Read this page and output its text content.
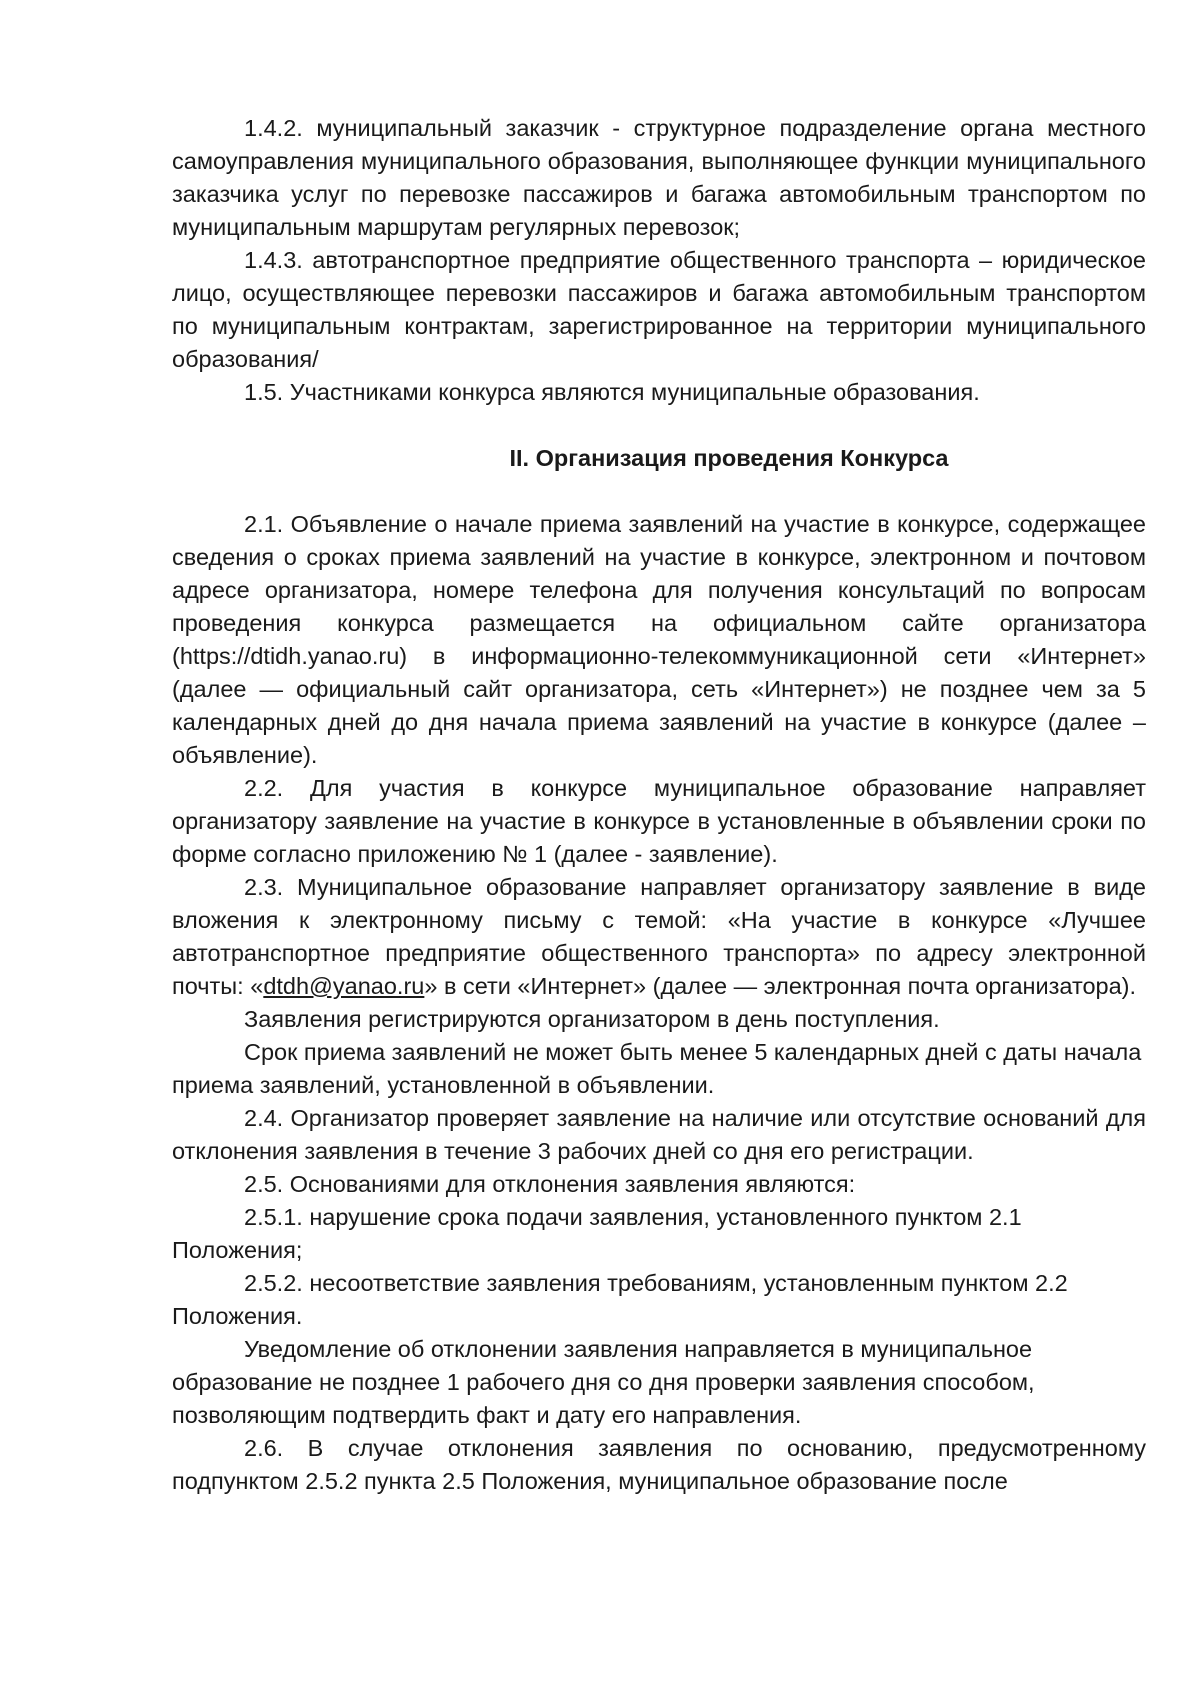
1.4.2. муниципальный заказчик - структурное подразделение органа местного самоуправления муниципального образования, выполняющее функции муниципального заказчика услуг по перевозке пассажиров и багажа автомобильным транспортом по муниципальным маршрутам регулярных перевозок;

1.4.3. автотранспортное предприятие общественного транспорта – юридическое лицо, осуществляющее перевозки пассажиров и багажа автомобильным транспортом по муниципальным контрактам, зарегистрированное на территории муниципального образования/

1.5. Участниками конкурса являются муниципальные образования.

II. Организация проведения Конкурса

2.1. Объявление о начале приема заявлений на участие в конкурсе, содержащее сведения о сроках приема заявлений на участие в конкурсе, электронном и почтовом адресе организатора, номере телефона для получения консультаций по вопросам проведения конкурса размещается на официальном сайте организатора (https://dtidh.yanao.ru) в информационно-телекоммуникационной сети «Интернет» (далее — официальный сайт организатора, сеть «Интернет») не позднее чем за 5 календарных дней до дня начала приема заявлений на участие в конкурсе (далее – объявление).

2.2. Для участия в конкурсе муниципальное образование направляет организатору заявление на участие в конкурсе в установленные в объявлении сроки по форме согласно приложению № 1 (далее - заявление).

2.3. Муниципальное образование направляет организатору заявление в виде вложения к электронному письму с темой: «На участие в конкурсе «Лучшее автотранспортное предприятие общественного транспорта» по адресу электронной почты: «dtdh@yanao.ru» в сети «Интернет» (далее — электронная почта организатора).

Заявления регистрируются организатором в день поступления.

Срок приема заявлений не может быть менее 5 календарных дней с даты начала приема заявлений, установленной в объявлении.

2.4. Организатор проверяет заявление на наличие или отсутствие оснований для отклонения заявления в течение 3 рабочих дней со дня его регистрации.

2.5. Основаниями для отклонения заявления являются:

2.5.1. нарушение срока подачи заявления, установленного пунктом 2.1 Положения;

2.5.2. несоответствие заявления требованиям, установленным пунктом 2.2 Положения.

Уведомление об отклонении заявления направляется в муниципальное образование не позднее 1 рабочего дня со дня проверки заявления способом, позволяющим подтвердить факт и дату его направления.

2.6. В случае отклонения заявления по основанию, предусмотренному подпунктом 2.5.2 пункта 2.5 Положения, муниципальное образование после
